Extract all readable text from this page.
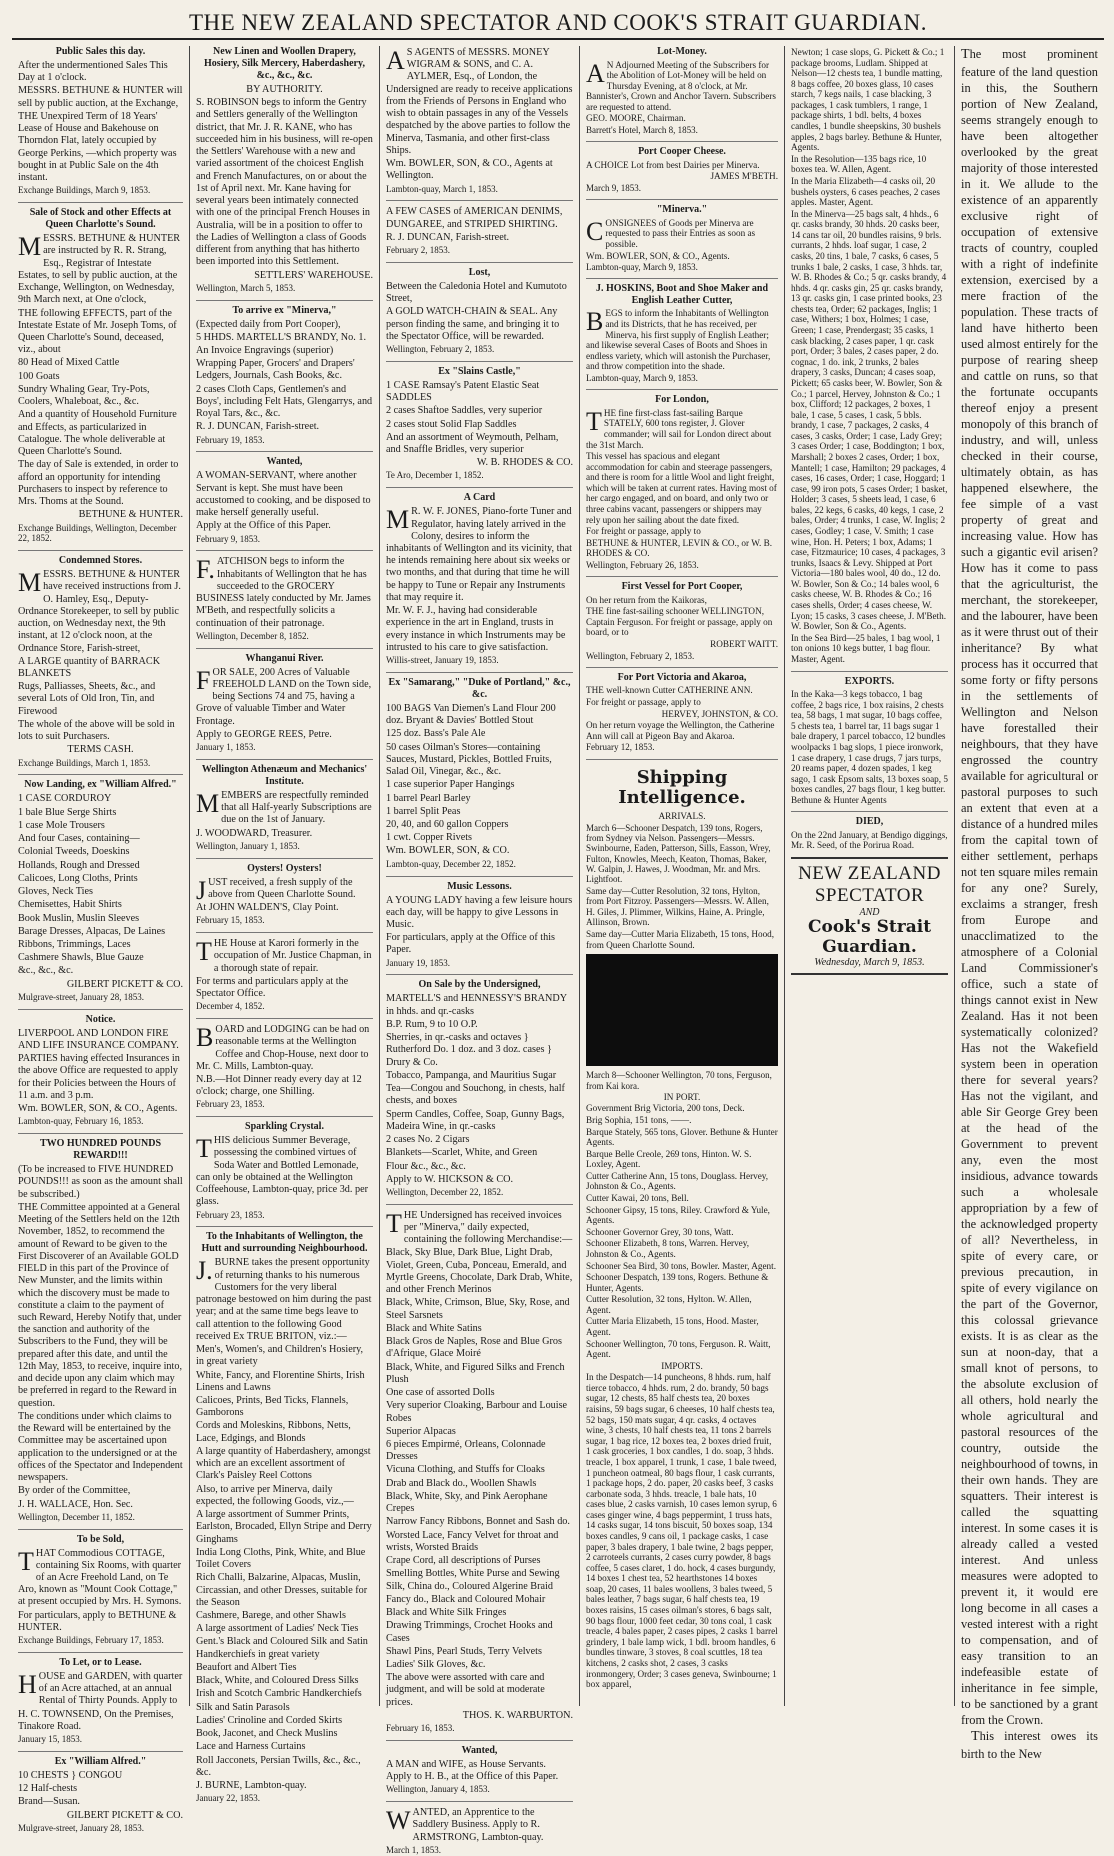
THE NEW ZEALAND SPECTATOR AND COOK'S STRAIT GUARDIAN.
Public Sales this day.
After the undermentioned Sales This Day at 1 o'clock.
MESSRS. BETHUNE & HUNTER will sell by public auction, at the Exchange,
THE Unexpired Term of 18 Years' Lease of House and Bakehouse on Thorndon Flat, lately occupied by George Perkins, —which property was bought in at Public Sale on the 4th instant.
Exchange Buildings, March 9, 1853.
Sale of Stock and other Effects at Queen Charlotte's Sound.
MESSRS. BETHUNE & HUNTER are instructed by R. R. Strang, Esq., Registrar of Intestate Estates, to sell by public auction, at the Exchange, Wellington, on Wednesday, 9th March next, at One o'clock,
THE following EFFECTS, part of the Intestate Estate of Mr. Joseph Toms, of Queen Charlotte's Sound, deceased, viz., about
80 Head of Mixed Cattle
100 Goats
Sundry Whaling Gear, Try-Pots, Coolers, Whaleboat, &c., &c.
And a quantity of Household Furniture and Effects, as particularized in Catalogue. The whole deliverable at Queen Charlotte's Sound.
The day of Sale is extended, in order to afford an opportunity for intending Purchasers to inspect by reference to Mrs. Thoms at the Sound.
BETHUNE & HUNTER.
Exchange Buildings, Wellington, December 22, 1852.
Condemned Stores.
MESSRS. BETHUNE & HUNTER have received instructions from J. O. Hamley, Esq., Deputy-Ordnance Storekeeper, to sell by public auction, on Wednesday next, the 9th instant, at 12 o'clock noon, at the Ordnance Store, Farish-street,
A LARGE quantity of BARRACK BLANKETS
Rugs, Palliasses, Sheets, &c., and several Lots of Old Iron, Tin, and Firewood
The whole of the above will be sold in lots to suit Purchasers.
TERMS CASH.
Exchange Buildings, March 1, 1853.
Now Landing, ex "William Alfred."
1 CASE CORDUROY
1 bale Blue Serge Shirts
1 case Mole Trousers
And four Cases, containing—
Colonial Tweeds, Doeskins
Hollands, Rough and Dressed
Calicoes, Long Cloths, Prints
Gloves, Neck Ties
Chemisettes, Habit Shirts
Book Muslin, Muslin Sleeves
Barage Dresses, Alpacas, De Laines
Ribbons, Trimmings, Laces
Cashmere Shawls, Blue Gauze
&c., &c., &c.
GILBERT PICKETT & CO.
Mulgrave-street, January 28, 1853.
Notice.
LIVERPOOL AND LONDON FIRE AND LIFE INSURANCE COMPANY.
PARTIES having effected Insurances in the above Office are requested to apply for their Policies between the Hours of 11 a.m. and 3 p.m.
Wm. BOWLER, SON, & CO., Agents.
Lambton-quay, February 16, 1853.
TWO HUNDRED POUNDS REWARD!!!
(To be increased to FIVE HUNDRED POUNDS!!! as soon as the amount shall be subscribed.)
THE Committee appointed at a General Meeting of the Settlers held on the 12th November, 1852, to recommend the amount of Reward to be given to the First Discoverer of an Available GOLD FIELD in this part of the Province of New Munster, and the limits within which the discovery must be made to constitute a claim to the payment of such Reward, Hereby Notify that, under the sanction and authority of the Subscribers to the Fund, they will be prepared after this date, and until the 12th May, 1853, to receive, inquire into, and decide upon any claim which may be preferred in regard to the Reward in question.
The conditions under which claims to the Reward will be entertained by the Committee may be ascertained upon application to the undersigned or at the offices of the Spectator and Independent newspapers.
By order of the Committee,
J. H. WALLACE, Hon. Sec.
Wellington, December 11, 1852.
To be Sold,
THAT Commodious COTTAGE, containing Six Rooms, with quarter of an Acre Freehold Land, on Te Aro, known as "Mount Cook Cottage," at present occupied by Mrs. H. Symons.
For particulars, apply to BETHUNE & HUNTER.
Exchange Buildings, February 17, 1853.
To Let, or to Lease.
HOUSE and GARDEN, with quarter of an Acre attached, at an annual Rental of Thirty Pounds. Apply to
H. C. TOWNSEND, On the Premises, Tinakore Road.
January 15, 1853.
Ex "William Alfred."
10 CHESTS } CONGOU
12 Half-chests
Brand—Susan.
GILBERT PICKETT & CO.
Mulgrave-street, January 28, 1853.
New Linen and Woollen Drapery, Hosiery, Silk Mercery, Haberdashery, &c., &c., &c.
BY AUTHORITY.
S. ROBINSON begs to inform the Gentry and Settlers generally of the Wellington district, that Mr. J. R. KANE, who has succeeded him in his business, will re-open the Settlers' Warehouse with a new and varied assortment of the choicest English and French Manufactures, on or about the 1st of April next. Mr. Kane having for several years been intimately connected with one of the principal French Houses in Australia, will be in a position to offer to the Ladies of Wellington a class of Goods different from anything that has hitherto been imported into this Settlement.
SETTLERS' WAREHOUSE.
Wellington, March 5, 1853.
To arrive ex "Minerva,"
(Expected daily from Port Cooper),
5 HHDS. MARTELL'S BRANDY, No. 1.
An Invoice Engravings (superior)
Wrapping Paper, Grocers' and Drapers' Ledgers, Journals, Cash Books, &c.
2 cases Cloth Caps, Gentlemen's and Boys', including Felt Hats, Glengarrys, and Royal Tars, &c., &c.
R. J. DUNCAN, Farish-street.
February 19, 1853.
Wanted,
A WOMAN-SERVANT, where another Servant is kept. She must have been accustomed to cooking, and be disposed to make herself generally useful.
Apply at the Office of this Paper.
February 9, 1853.
F.ATCHISON begs to inform the Inhabitants of Wellington that he has succeeded to the GROCERY BUSINESS lately conducted by Mr. James M'Beth, and respectfully solicits a continuation of their patronage.
Wellington, December 8, 1852.
Whanganui River.
FOR SALE, 200 Acres of Valuable FREEHOLD LAND on the Town side, being Sections 74 and 75, having a Grove of valuable Timber and Water Frontage.
Apply to GEORGE REES, Petre.
January 1, 1853.
Wellington Athenæum and Mechanics' Institute.
MEMBERS are respectfully reminded that all Half-yearly Subscriptions are due on the 1st of January.
J. WOODWARD, Treasurer.
Wellington, January 1, 1853.
Oysters! Oysters!
JUST received, a fresh supply of the above from Queen Charlotte Sound.
At JOHN WALDEN'S, Clay Point.
February 15, 1853.
THE House at Karori formerly in the occupation of Mr. Justice Chapman, in a thorough state of repair.
For terms and particulars apply at the Spectator Office.
December 4, 1852.
BOARD and LODGING can be had on reasonable terms at the Wellington Coffee and Chop-House, next door to Mr. C. Mills, Lambton-quay.
N.B.—Hot Dinner ready every day at 12 o'clock; charge, one Shilling.
February 23, 1853.
Sparkling Crystal.
THIS delicious Summer Beverage, possessing the combined virtues of Soda Water and Bottled Lemonade, can only be obtained at the Wellington Coffeehouse, Lambton-quay, price 3d. per glass.
February 23, 1853.
To the Inhabitants of Wellington, the Hutt and surrounding Neighbourhood.
J.BURNE takes the present opportunity of returning thanks to his numerous Customers for the very liberal patronage bestowed on him during the past year; and at the same time begs leave to call attention to the following Good received Ex TRUE BRITON, viz.:—
Men's, Women's, and Children's Hosiery, in great variety
White, Fancy, and Florentine Shirts, Irish Linens and Lawns
Calicoes, Prints, Bed Ticks, Flannels, Gamborons
Cords and Moleskins, Ribbons, Netts, Lace, Edgings, and Blonds
A large quantity of Haberdashery, amongst which are an excellent assortment of Clark's Paisley Reel Cottons
Also, to arrive per Minerva, daily expected, the following Goods, viz.,—
A large assortment of Summer Prints, Earlston, Brocaded, Ellyn Stripe and Derry Ginghams
India Long Cloths, Pink, White, and Blue Toilet Covers
Rich Challi, Balzarine, Alpacas, Muslin, Circassian, and other Dresses, suitable for the Season
Cashmere, Barege, and other Shawls
A large assortment of Ladies' Neck Ties
Gent.'s Black and Coloured Silk and Satin Handkerchiefs in great variety
Beaufort and Albert Ties
Black, White, and Coloured Dress Silks
Irish and Scotch Cambric Handkerchiefs
Silk and Satin Parasols
Ladies' Crinoline and Corded Skirts
Book, Jaconet, and Check Muslins
Lace and Harness Curtains
Roll Jacconets, Persian Twills, &c., &c., &c.
J. BURNE, Lambton-quay.
January 22, 1853.
AS AGENTS of MESSRS. MONEY WIGRAM & SONS, and C. A. AYLMER, Esq., of London, the Undersigned are ready to receive applications from the Friends of Persons in England who wish to obtain passages in any of the Vessels despatched by the above parties to follow the Minerva, Tasmania, and other first-class Ships.
Wm. BOWLER, SON, & CO., Agents at Wellington.
Lambton-quay, March 1, 1853.
A FEW CASES of AMERICAN DENIMS, DUNGAREE, and STRIPED SHIRTING.
R. J. DUNCAN, Farish-street.
February 2, 1853.
Lost,
Between the Caledonia Hotel and Kumutoto Street,
A GOLD WATCH-CHAIN & SEAL. Any person finding the same, and bringing it to the Spectator Office, will be rewarded.
Wellington, February 2, 1853.
Ex "Slains Castle,"
1 CASE Ramsay's Patent Elastic Seat SADDLES
2 cases Shaftoe Saddles, very superior
2 cases stout Solid Flap Saddles
And an assortment of Weymouth, Pelham, and Snaffle Bridles, very superior
W. B. RHODES & CO.
Te Aro, December 1, 1852.
A Card
MR. W. F. JONES, Piano-forte Tuner and Regulator, having lately arrived in the Colony, desires to inform the inhabitants of Wellington and its vicinity, that he intends remaining here about six weeks or two months, and that during that time he will be happy to Tune or Repair any Instruments that may require it.
Mr. W. F. J., having had considerable experience in the art in England, trusts in every instance in which Instruments may be intrusted to his care to give satisfaction.
Willis-street, January 19, 1853.
Ex "Samarang," "Duke of Portland," &c., &c.
100 BAGS Van Diemen's Land Flour 200 doz. Bryant & Davies' Bottled Stout
125 doz. Bass's Pale Ale
50 cases Oilman's Stores—containing Sauces, Mustard, Pickles, Bottled Fruits, Salad Oil, Vinegar, &c., &c.
1 case superior Paper Hangings
1 barrel Pearl Barley
1 barrel Split Peas
20, 40, and 60 gallon Coppers
1 cwt. Copper Rivets
Wm. BOWLER, SON, & CO.
Lambton-quay, December 22, 1852.
Music Lessons.
A YOUNG LADY having a few leisure hours each day, will be happy to give Lessons in Music.
For particulars, apply at the Office of this Paper.
January 19, 1853.
On Sale by the Undersigned,
MARTELL'S and HENNESSY'S BRANDY in hhds. and qr.-casks
B.P. Rum, 9 to 10 O.P.
Sherries, in qr.-casks and octaves } Rutherford Do. 1 doz. and 3 doz. cases } Drury & Co.
Tobacco, Pampanga, and Mauritius Sugar
Tea—Congou and Souchong, in chests, half chests, and boxes
Sperm Candles, Coffee, Soap, Gunny Bags, Madeira Wine, in qr.-casks
2 cases No. 2 Cigars
Blankets—Scarlet, White, and Green
Flour &c., &c., &c.
Apply to W. HICKSON & CO.
Wellington, December 22, 1852.
THE Undersigned has received invoices per "Minerva," daily expected, containing the following Merchandise:—
Black, Sky Blue, Dark Blue, Light Drab, Violet, Green, Cuba, Ponceau, Emerald, and Myrtle Greens, Chocolate, Dark Drab, White, and other French Merinos
Black, White, Crimson, Blue, Sky, Rose, and Steel Sarsnets
Black and White Satins
Black Gros de Naples, Rose and Blue Gros d'Afrique, Glace Moiré
Black, White, and Figured Silks and French Plush
One case of assorted Dolls
Very superior Cloaking, Barbour and Louise Robes
Superior Alpacas
6 pieces Empirmé, Orleans, Colonnade Dresses
Vicuna Clothing, and Stuffs for Cloaks
Drab and Black do., Woollen Shawls
Black, White, Sky, and Pink Aerophane Crepes
Narrow Fancy Ribbons, Bonnet and Sash do.
Worsted Lace, Fancy Velvet for throat and wrists, Worsted Braids
Crape Cord, all descriptions of Purses
Smelling Bottles, White Purse and Sewing Silk, China do., Coloured Algerine Braid
Fancy do., Black and Coloured Mohair
Black and White Silk Fringes
Drawing Trimmings, Crochet Hooks and Cases
Shawl Pins, Pearl Studs, Terry Velvets
Ladies' Silk Gloves, &c.
The above were assorted with care and judgment, and will be sold at moderate prices.
THOS. K. WARBURTON.
February 16, 1853.
Wanted,
A MAN and WIFE, as House Servants. Apply to H. B., at the Office of this Paper.
Wellington, January 4, 1853.
WANTED, an Apprentice to the Saddlery Business. Apply to R. ARMSTRONG, Lambton-quay.
March 1, 1853.
Lot-Money.
AN Adjourned Meeting of the Subscribers for the Abolition of Lot-Money will be held on Thursday Evening, at 8 o'clock, at Mr. Bannister's, Crown and Anchor Tavern. Subscribers are requested to attend.
GEO. MOORE, Chairman.
Barrett's Hotel, March 8, 1853.
Port Cooper Cheese.
A CHOICE Lot from best Dairies per Minerva.
JAMES M'BETH.
March 9, 1853.
"Minerva."
CONSIGNEES of Goods per Minerva are requested to pass their Entries as soon as possible.
Wm. BOWLER, SON, & CO., Agents.
Lambton-quay, March 9, 1853.
J. HOSKINS, Boot and Shoe Maker and English Leather Cutter,
BEGS to inform the Inhabitants of Wellington and its Districts, that he has received, per Minerva, his first supply of English Leather; and likewise several Cases of Boots and Shoes in endless variety, which will astonish the Purchaser, and throw competition into the shade.
Lambton-quay, March 9, 1853.
For London,
THE fine first-class fast-sailing Barque STATELY, 600 tons register, J. Glover commander; will sail for London direct about the 31st March.
This vessel has spacious and elegant accommodation for cabin and steerage passengers, and there is room for a little Wool and light freight, which will be taken at current rates. Having most of her cargo engaged, and on board, and only two or three cabins vacant, passengers or shippers may rely upon her sailing about the date fixed.
For freight or passage, apply to
BETHUNE & HUNTER, LEVIN & CO., or W. B. RHODES & CO.
Wellington, February 26, 1853.
First Vessel for Port Cooper,
On her return from the Kaikoras,
THE fine fast-sailing schooner WELLINGTON, Captain Ferguson. For freight or passage, apply on board, or to
ROBERT WAITT.
Wellington, February 2, 1853.
For Port Victoria and Akaroa,
THE well-known Cutter CATHERINE ANN.
For freight or passage, apply to
HERVEY, JOHNSTON, & CO.
On her return voyage the Wellington, the Catherine Ann will call at Pigeon Bay and Akaroa.
February 12, 1853.
Shipping Intelligence.
ARRIVALS.
March 6—Schooner Despatch, 139 tons, Rogers, from Sydney via Nelson. Passengers—Messrs. Swinbourne, Eaden, Patterson, Sills, Easson, Wrey, Fulton, Knowles, Meech, Keaton, Thomas, Baker, W. Galpin, J. Hawes, J. Woodman, Mr. and Mrs. Lightfoot.
Same day—Cutter Resolution, 32 tons, Hylton, from Port Fitzroy. Passengers—Messrs. W. Allen, H. Giles, J. Plimmer, Wilkins, Haine, A. Pringle, Allinson, Brown.
Same day—Cutter Maria Elizabeth, 15 tons, Hood, from Queen Charlotte Sound.
March 8—Schooner Wellington, 70 tons, Ferguson, from Kai kora.
IN PORT.
Government Brig Victoria, 200 tons, Deck.
Brig Sophia, 151 tons, ——.
Barque Stately, 565 tons, Glover. Bethune & Hunter Agents.
Barque Belle Creole, 269 tons, Hinton. W. S. Loxley, Agent.
Cutter Catherine Ann, 15 tons, Douglass. Hervey, Johnston & Co., Agents.
Cutter Kawai, 20 tons, Bell.
Schooner Gipsy, 15 tons, Riley. Crawford & Yule, Agents.
Schooner Governor Grey, 30 tons, Watt.
Schooner Elizabeth, 8 tons, Warren. Hervey, Johnston & Co., Agents.
Schooner Sea Bird, 30 tons, Bowler. Master, Agent.
Schooner Despatch, 139 tons, Rogers. Bethune & Hunter, Agents.
Cutter Resolution, 32 tons, Hylton. W. Allen, Agent.
Cutter Maria Elizabeth, 15 tons, Hood. Master, Agent.
Schooner Wellington, 70 tons, Ferguson. R. Waitt, Agent.
IMPORTS.
In the Despatch—14 puncheons, 8 hhds. rum, half tierce tobacco, 4 hhds. rum, 2 do. brandy, 50 bags sugar, 12 chests, 85 half chests tea, 20 boxes raisins, 59 bags sugar, 6 cheeses, 10 half chests tea, 52 bags, 150 mats sugar, 4 qr. casks, 4 octaves wine, 3 chests, 10 half chests tea, 11 tons 2 barrels sugar, 1 bag rice, 12 boxes tea, 2 boxes dried fruit, 1 cask groceries, 1 box candles, 1 do. soap, 3 hhds. treacle, 1 box apparel, 1 trunk, 1 case, 1 bale tweed, 1 puncheon oatmeal, 80 bags flour, 1 cask currants, 1 package hops, 2 do. paper, 20 casks beef, 3 casks carbonate soda, 3 hhds. treacle, 1 bale hats, 10 cases blue, 2 casks varnish, 10 cases lemon syrup, 6 cases ginger wine, 4 bags peppermint, 1 truss hats, 14 casks sugar, 14 tons biscuit, 50 boxes soap, 134 boxes candles, 9 cans oil, 1 package casks, 1 case paper, 3 bales drapery, 1 bale twine, 2 bags pepper, 2 carroteels currants, 2 cases curry powder, 8 bags coffee, 5 cases claret, 1 do. hock, 4 cases burgundy, 14 boxes 1 chest tea, 52 hearthstones 14 boxes soap, 20 cases, 11 bales woollens, 3 bales tweed, 5 bales leather, 7 bags sugar, 6 half chests tea, 19 boxes raisins, 15 cases oilman's stores, 6 bags salt, 90 bags flour, 1000 feet cedar, 30 tons coal, 1 cask treacle, 4 bales paper, 2 cases pipes, 2 casks 1 barrel grindery, 1 bale lamp wick, 1 bdl. broom handles, 6 bundles tinware, 3 stoves, 8 coal scuttles, 18 tea kitchens, 2 casks shot, 2 cases, 3 casks ironmongery, Order; 3 cases geneva, Swinbourne; 1 box apparel,
Newton; 1 case slops, G. Pickett & Co.; 1 package brooms, Ludlam. Shipped at Nelson—12 chests tea, 1 bundle matting, 8 bags coffee, 20 boxes glass, 10 cases starch, 7 kegs nails, 1 case blacking, 3 packages, 1 cask tumblers, 1 range, 1 package shirts, 1 bdl. belts, 4 boxes candles, 1 bundle sheepskins, 30 bushels apples, 2 bags barley. Bethune & Hunter, Agents.
In the Resolution—135 bags rice, 10 boxes tea. W. Allen, Agent.
In the Maria Elizabeth—4 casks oil, 20 bushels oysters, 6 cases peaches, 2 cases apples. Master, Agent.
In the Minerva—25 bags salt, 4 hhds., 6 qr. casks brandy, 30 hhds. 20 casks beer, 14 cans tar oil, 20 bundles raisins, 9 brls. currants, 2 hhds. loaf sugar, 1 case, 2 casks, 20 tins, 1 bale, 7 casks, 6 cases, 5 trunks 1 bale, 2 casks, 1 case, 3 hhds. tar, W. B. Rhodes & Co.; 5 qr. casks brandy, 4 hhds. 4 qr. casks gin, 25 qr. casks brandy, 13 qr. casks gin, 1 case printed books, 23 chests tea, Order; 62 packages, Inglis; 1 case, Withers; 1 box, Holmes; 1 case, Green; 1 case, Prendergast; 35 casks, 1 cask blacking, 2 cases paper, 1 qr. cask port, Order; 3 bales, 2 cases paper, 2 do. cognac, 1 do. ink, 2 trunks, 2 bales drapery, 3 casks, Duncan; 4 cases soap, Pickett; 65 casks beer, W. Bowler, Son & Co.; 1 parcel, Hervey, Johnston & Co.; 1 box, Clifford; 12 packages, 2 boxes, 1 bale, 1 case, 5 cases, 1 cask, 5 bbls. brandy, 1 case, 7 packages, 2 casks, 4 cases, 3 casks, Order; 1 case, Lady Grey; 3 cases Order; 1 case, Boddington; 1 box, Marshall; 2 boxes 2 cases, Order; 1 box, Mantell; 1 case, Hamilton; 29 packages, 4 cases, 16 cases, Order; 1 case, Hoggard; 1 case, 99 iron pots, 5 cases Order; 1 basket, Holder; 3 cases, 5 sheets lead, 1 case, 6 bales, 22 kegs, 6 casks, 40 kegs, 1 case, 2 bales, Order; 4 trunks, 1 case, W. Inglis; 2 cases, Godley; 1 case, V. Smith; 1 case wine, Hon. H. Peters; 1 box, Adams; 1 case, Fitzmaurice; 10 cases, 4 packages, 3 trunks, Isaacs & Levy. Shipped at Port Victoria—180 bales wool, 40 do., 12 do. W. Bowler, Son & Co.; 14 bales wool, 6 casks cheese, W. B. Rhodes & Co.; 16 cases shells, Order; 4 cases cheese, W. Lyon; 15 casks, 3 cases cheese, J. M'Beth. W. Bowler, Son & Co., Agents.
In the Sea Bird—25 bales, 1 bag wool, 1 ton onions 10 kegs butter, 1 bag flour. Master, Agent.
EXPORTS.
In the Kaka—3 kegs tobacco, 1 bag coffee, 2 bags rice, 1 box raisins, 2 chests tea, 58 bags, 1 mat sugar, 10 bags coffee, 5 chests tea, 1 barrel tar, 11 bags sugar 1 bale drapery, 1 parcel tobacco, 12 bundles woolpacks 1 bag slops, 1 piece ironwork, 1 case drapery, 1 case drugs, 7 jars turps, 20 reams paper, 4 dozen spades, 1 keg sago, 1 cask Epsom salts, 13 boxes soap, 5 boxes candles, 27 bags flour, 1 keg butter. Bethune & Hunter Agents
DIED,
On the 22nd January, at Bendigo diggings, Mr. R. Seed, of the Porirua Road.
NEW ZEALAND SPECTATOR
AND
Cook's Strait Guardian.
Wednesday, March 9, 1853.
The most prominent feature of the land question in this, the Southern portion of New Zealand, seems strangely enough to have been altogether overlooked by the great majority of those interested in it. We allude to the existence of an apparently exclusive right of occupation of extensive tracts of country, coupled with a right of indefinite extension, exercised by a mere fraction of the population. These tracts of land have hitherto been used almost entirely for the purpose of rearing sheep and cattle on runs, so that the fortunate occupants thereof enjoy a present monopoly of this branch of industry, and will, unless checked in their course, ultimately obtain, as has happened elsewhere, the fee simple of a vast property of great and increasing value. How has such a gigantic evil arisen? How has it come to pass that the agriculturist, the merchant, the storekeeper, and the labourer, have been as it were thrust out of their inheritance? By what process has it occurred that some forty or fifty persons in the settlements of Wellington and Nelson have forestalled their neighbours, that they have engrossed the country available for agricultural or pastoral purposes to such an extent that even at a distance of a hundred miles from the capital town of either settlement, perhaps not ten square miles remain for any one? Surely, exclaims a stranger, fresh from Europe and unacclimatized to the atmosphere of a Colonial Land Commissioner's office, such a state of things cannot exist in New Zealand. Has it not been systematically colonized? Has not the Wakefield system been in operation there for several years? Has not the vigilant, and able Sir George Grey been at the head of the Government to prevent any, even the most insidious, advance towards such a wholesale appropriation by a few of the acknowledged property of all? Nevertheless, in spite of every care, or previous precaution, in spite of every vigilance on the part of the Governor, this colossal grievance exists. It is as clear as the sun at noon-day, that a small knot of persons, to the absolute exclusion of all others, hold nearly the whole agricultural and pastoral resources of the country, outside the neighbourhood of towns, in their own hands. They are squatters. Their interest is called the squatting interest. In some cases it is already called a vested interest. And unless measures were adopted to prevent it, it would ere long become in all cases a vested interest with a right to compensation, and of easy transition to an indefeasible estate of inheritance in fee simple, to be sanctioned by a grant from the Crown.
This interest owes its birth to the New
